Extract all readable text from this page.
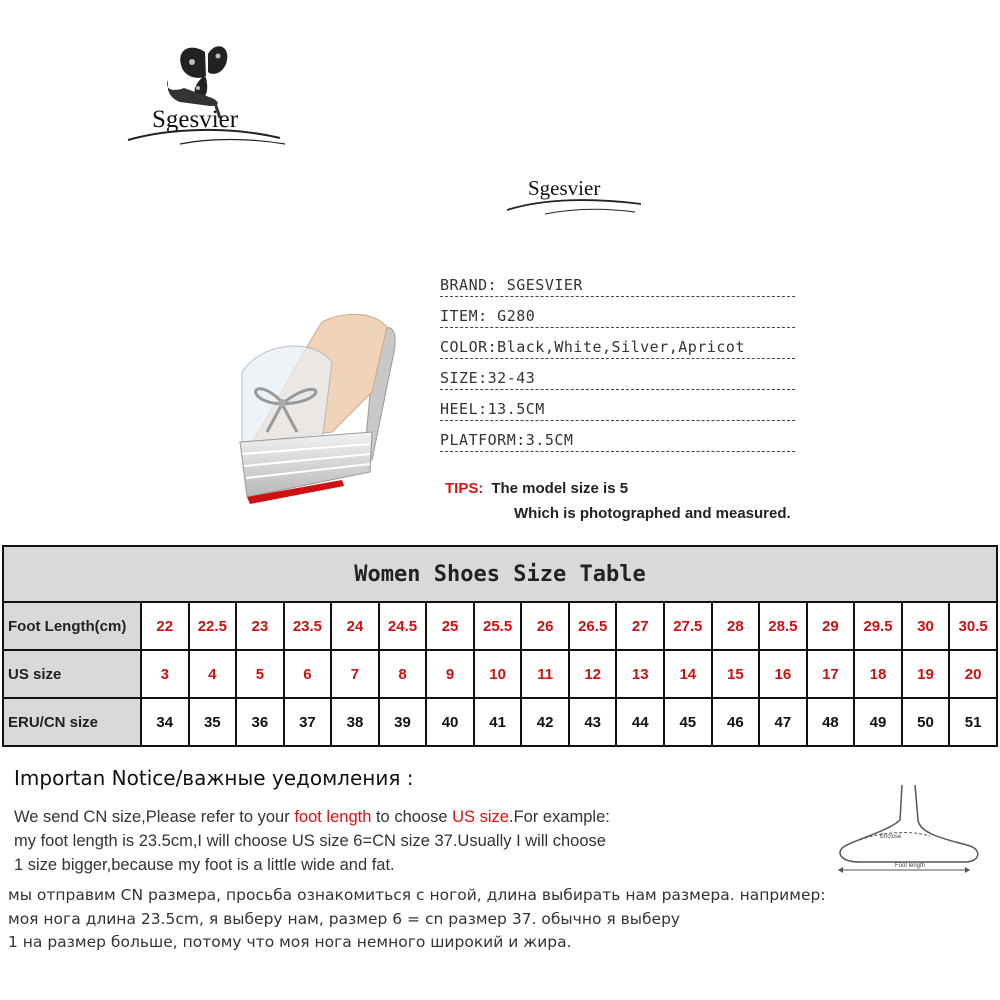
Sgesvier
Sgesvier
BRAND: SGESVIER
ITEM: G280
COLOR:Black,White,Silver,Apricot
SIZE:32-43
HEEL:13.5CM
PLATFORM:3.5CM
TIPS: The model size is 5
Which is photographed and measured.
Women Shoes Size Table																		
Foot Length(cm)	22	22.5	23	23.5	24	24.5	25	25.5	26	26.5	27	27.5	28	28.5	29	29.5	30	30.5
US size	3	4	5	6	7	8	9	10	11	12	13	14	15	16	17	18	19	20
ERU/CN size	34	35	36	37	38	39	40	41	42	43	44	45	46	47	48	49	50	51
Importan Notice/важные уедомления :
We send CN size,Please refer to your foot length to choose US size.For example:
my foot length is 23.5cm,I will choose US size 6=CN size 37.Usually I will choose
1 size bigger,because my foot is a little wide and fat.
мы отправим CN размера, просьба ознакомиться с ногой, длина выбирать нам размера. например:
моя нога длина 23.5cm, я выберу нам, размер 6 = cn размер 37. обычно я выберу
1 на размер больше, потому что моя нога немного широкий и жира.
Enclose
Foot length
